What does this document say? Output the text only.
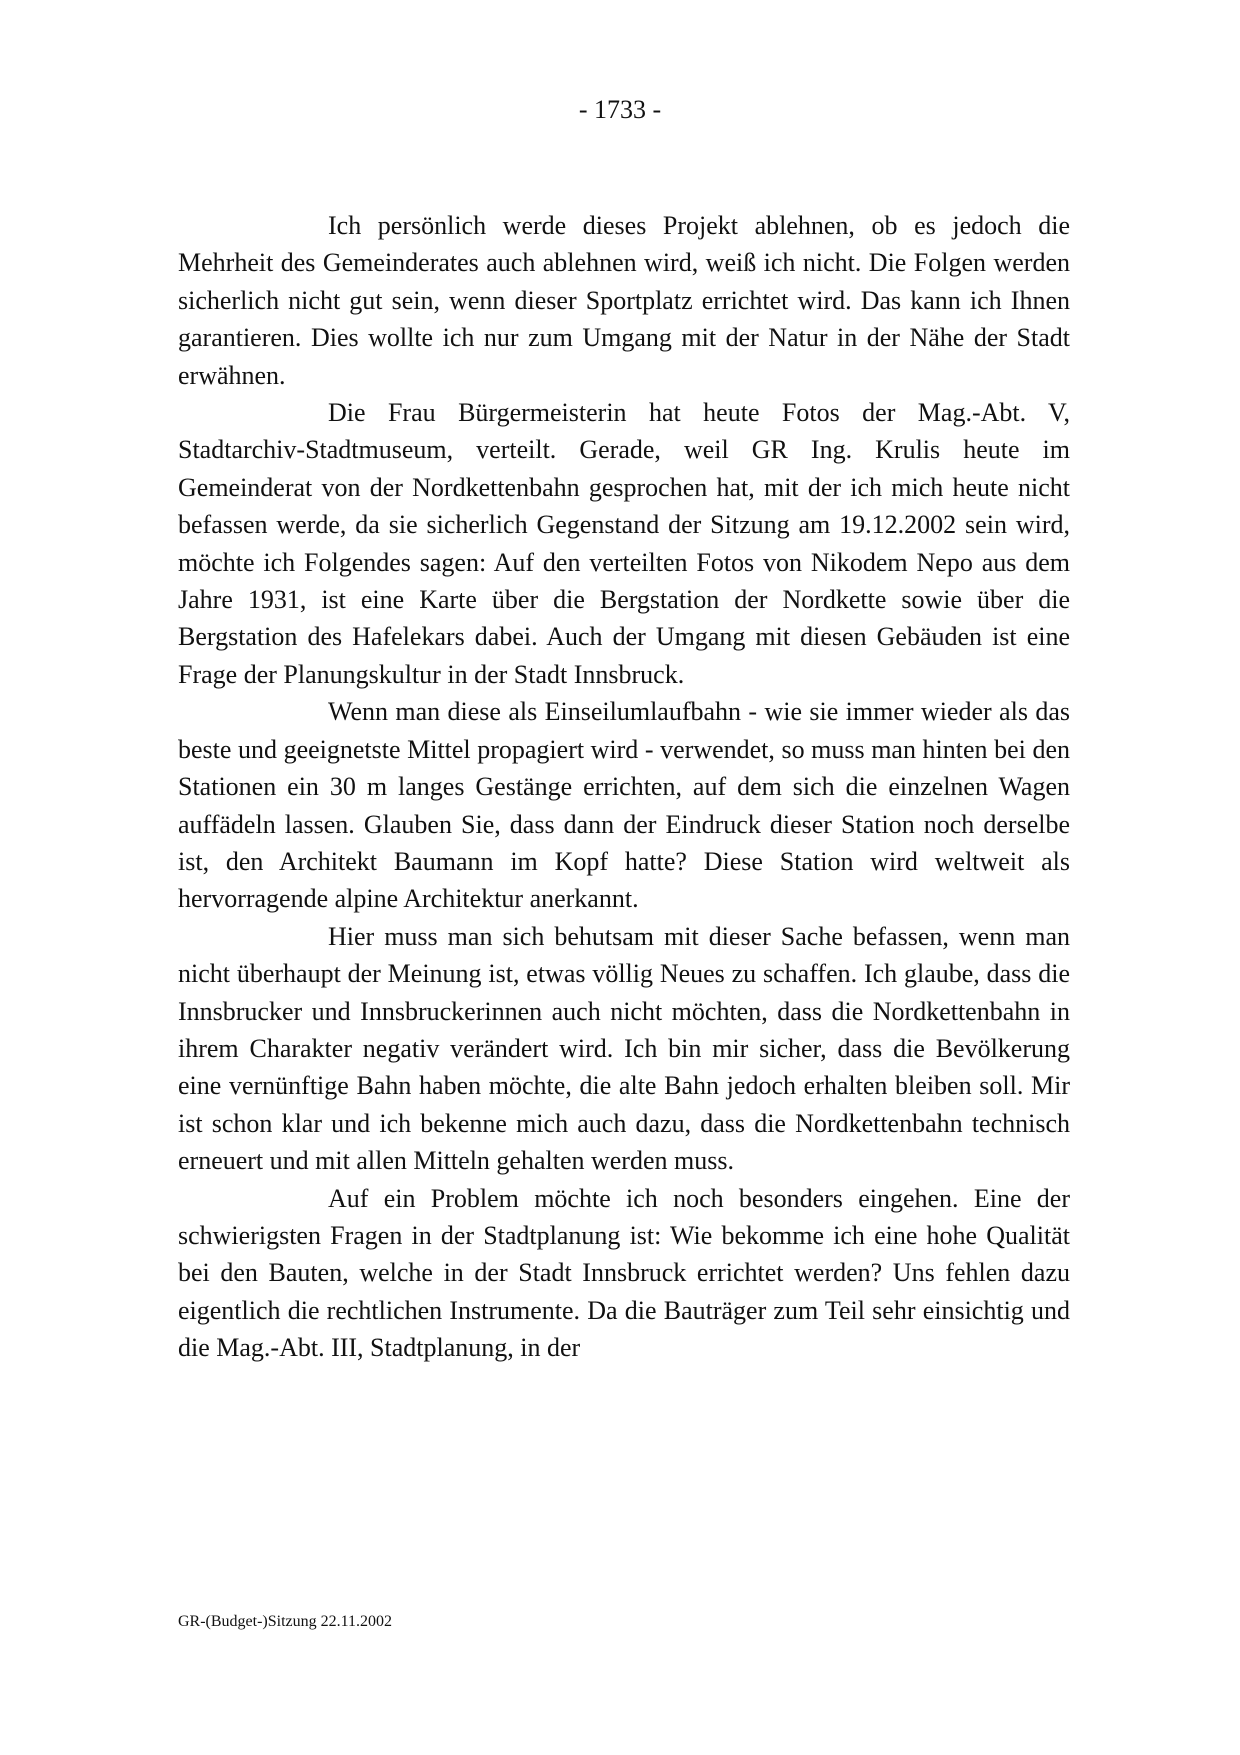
- 1733 -

Ich persönlich werde dieses Projekt ablehnen, ob es jedoch die Mehrheit des Gemeinderates auch ablehnen wird, weiß ich nicht. Die Folgen werden sicherlich nicht gut sein, wenn dieser Sportplatz errichtet wird. Das kann ich Ihnen garantieren. Dies wollte ich nur zum Umgang mit der Natur in der Nähe der Stadt erwähnen.

Die Frau Bürgermeisterin hat heute Fotos der Mag.-Abt. V, Stadtarchiv-Stadtmuseum, verteilt. Gerade, weil GR Ing. Krulis heute im Gemeinderat von der Nordkettenbahn gesprochen hat, mit der ich mich heute nicht befassen werde, da sie sicherlich Gegenstand der Sitzung am 19.12.2002 sein wird, möchte ich Folgendes sagen: Auf den verteilten Fotos von Nikodem Nepo aus dem Jahre 1931, ist eine Karte über die Bergstation der Nordkette sowie über die Bergstation des Hafelekars dabei. Auch der Umgang mit diesen Gebäuden ist eine Frage der Planungskultur in der Stadt Innsbruck.

Wenn man diese als Einseilumlaufbahn - wie sie immer wieder als das beste und geeignetste Mittel propagiert wird - verwendet, so muss man hinten bei den Stationen ein 30 m langes Gestänge errichten, auf dem sich die einzelnen Wagen auffädeln lassen. Glauben Sie, dass dann der Eindruck dieser Station noch derselbe ist, den Architekt Baumann im Kopf hatte? Diese Station wird weltweit als hervorragende alpine Architektur anerkannt.

Hier muss man sich behutsam mit dieser Sache befassen, wenn man nicht überhaupt der Meinung ist, etwas völlig Neues zu schaffen. Ich glaube, dass die Innsbrucker und Innsbruckerinnen auch nicht möchten, dass die Nordkettenbahn in ihrem Charakter negativ verändert wird. Ich bin mir sicher, dass die Bevölkerung eine vernünftige Bahn haben möchte, die alte Bahn jedoch erhalten bleiben soll. Mir ist schon klar und ich bekenne mich auch dazu, dass die Nordkettenbahn technisch erneuert und mit allen Mitteln gehalten werden muss.

Auf ein Problem möchte ich noch besonders eingehen. Eine der schwierigsten Fragen in der Stadtplanung ist: Wie bekomme ich eine hohe Qualität bei den Bauten, welche in der Stadt Innsbruck errichtet werden? Uns fehlen dazu eigentlich die rechtlichen Instrumente. Da die Bauträger zum Teil sehr einsichtig und die Mag.-Abt. III, Stadtplanung, in der

GR-(Budget-)Sitzung 22.11.2002
